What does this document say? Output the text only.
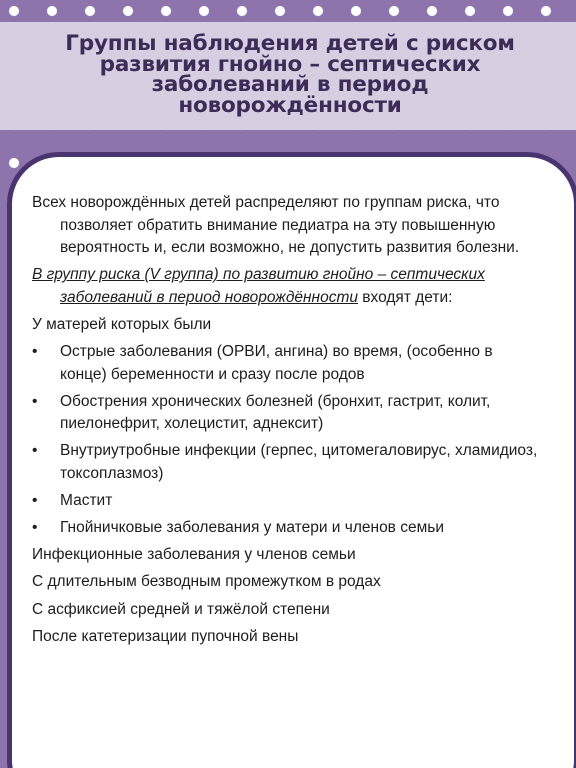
Группы наблюдения детей с риском развития гнойно – септических заболеваний в период новорождённости

Всех новорождённых детей распределяют по группам риска, что позволяет обратить внимание педиатра на эту повышенную вероятность и, если возможно, не допустить развития болезни.

В группу риска (V группа) по развитию гнойно – септических заболеваний в период новорождённости входят дети:

У матерей которых были

• Острые заболевания (ОРВИ, ангина) во время, (особенно в конце) беременности и сразу после родов
• Обострения хронических болезней (бронхит, гастрит, колит, пиелонефрит, холецистит, аднексит)
• Внутриутробные инфекции (герпес, цитомегаловирус, хламидиоз, токсоплазмоз)
• Мастит
• Гнойничковые заболевания у матери и членов семьи

Инфекционные заболевания у членов семьи

С длительным безводным промежутком в родах

С асфиксией средней и тяжёлой степени

После катетеризации пупочной вены
